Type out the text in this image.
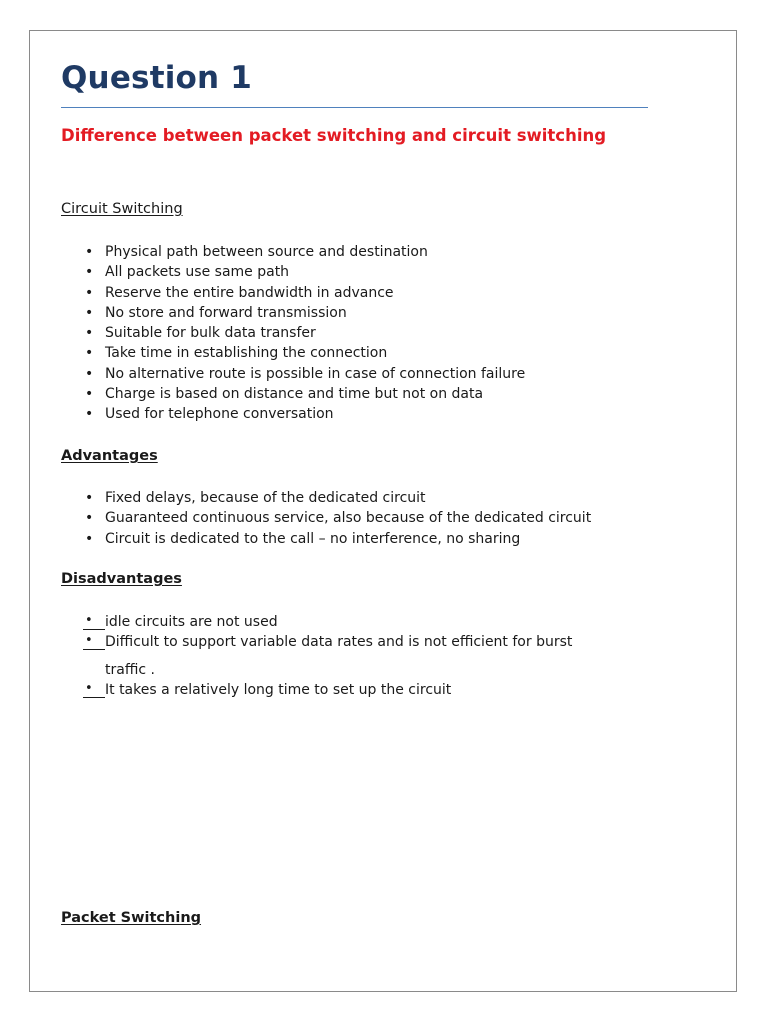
Question 1
Difference between packet switching and circuit switching
Circuit Switching
• Physical path between source and destination
• All packets use same path
• Reserve the entire bandwidth in advance
• No store and forward transmission
• Suitable for bulk data transfer
• Take time in establishing the connection
• No alternative route is possible in case of connection failure
• Charge is based on distance and time but not on data
• Used for telephone conversation
Advantages
• Fixed delays, because of the dedicated circuit
• Guaranteed continuous service, also because of the dedicated circuit
• Circuit is dedicated to the call – no interference, no sharing
Disadvantages
• idle circuits are not used
• Difficult to support variable data rates and is not efficient for burst
traffic .
• It takes a relatively long time to set up the circuit
Packet Switching
